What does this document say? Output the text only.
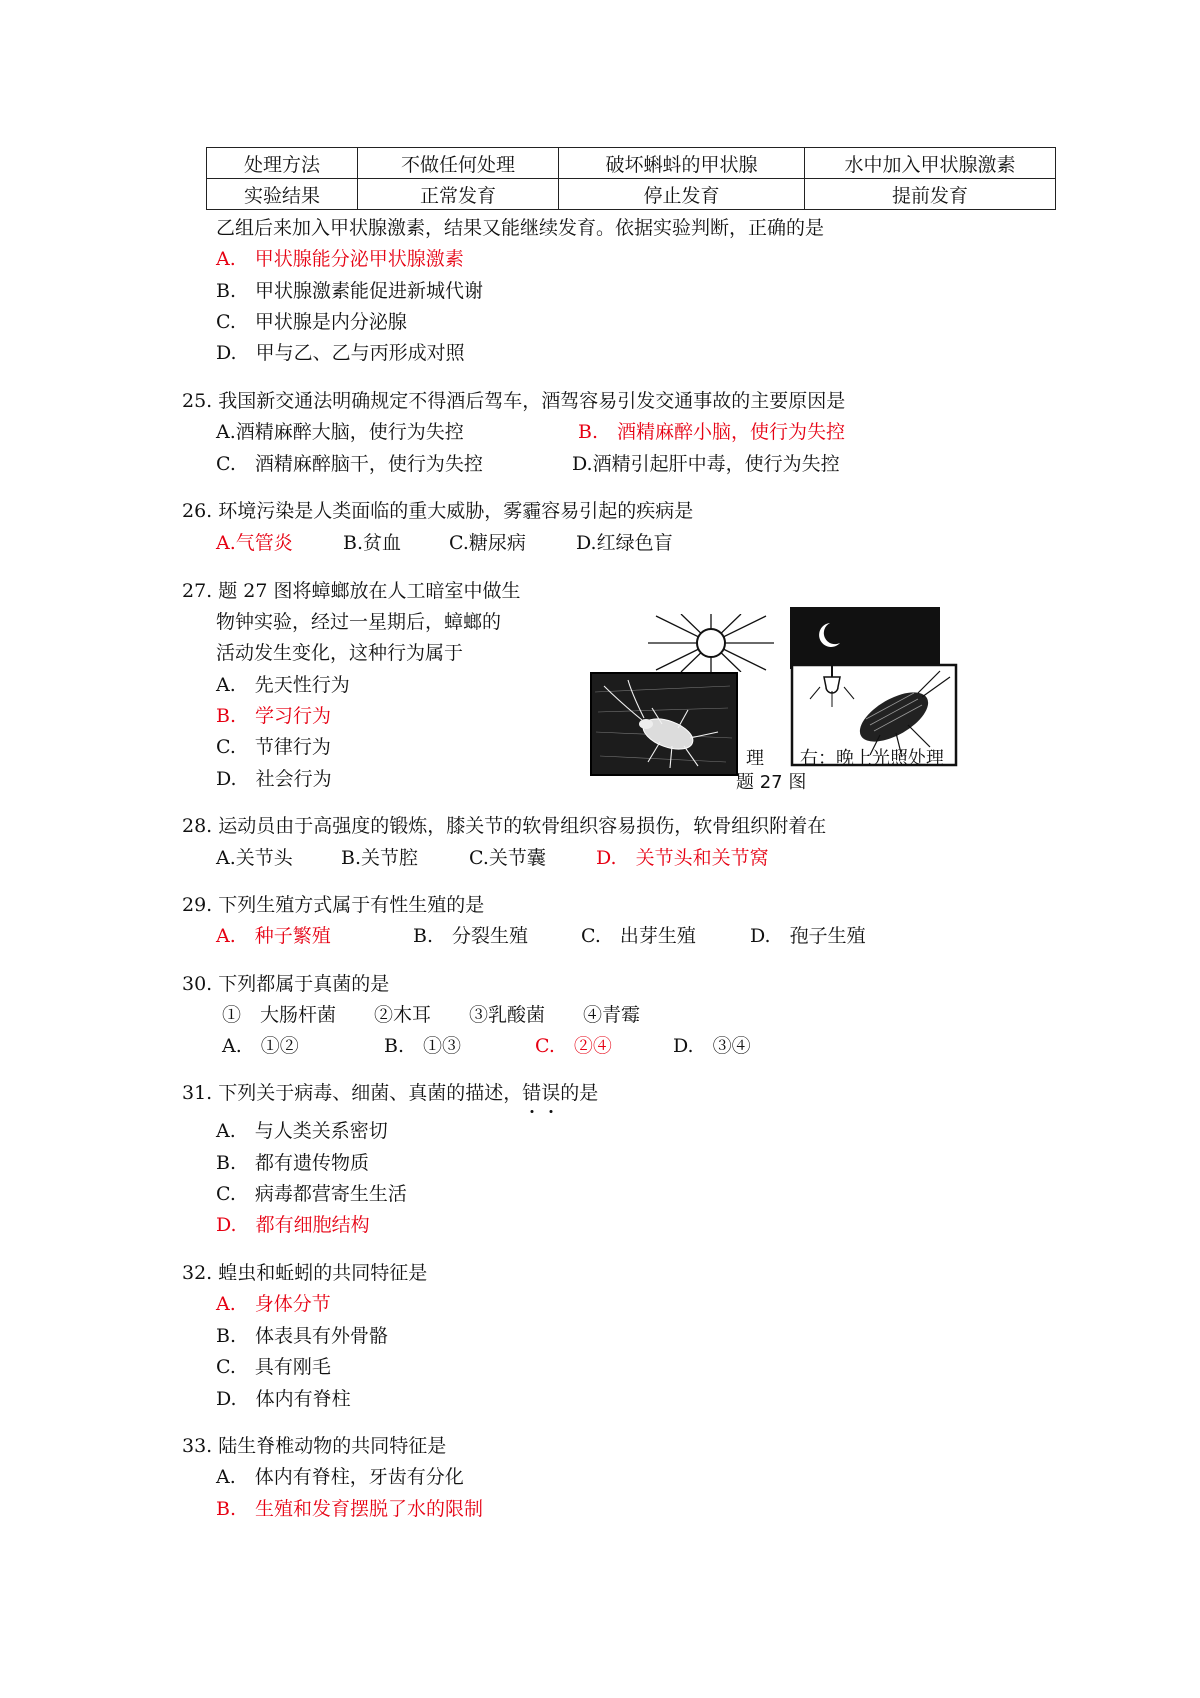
处理方法	不做任何处理	破坏蝌蚪的甲状腺	水中加入甲状腺激素
实验结果	正常发育	停止发育	提前发育
乙组后来加入甲状腺激素，结果又能继续发育。依据实验判断，正确的是
A.　甲状腺能分泌甲状腺激素
B.　甲状腺激素能促进新城代谢
C.　甲状腺是内分泌腺
D.　甲与乙、乙与丙形成对照
25. 我国新交通法明确规定不得酒后驾车，酒驾容易引发交通事故的主要原因是
A.酒精麻醉大脑，使行为失控	B.　酒精麻醉小脑，使行为失控
C.　酒精麻醉脑干，使行为失控	D.酒精引起肝中毒，使行为失控
26. 环境污染是人类面临的重大威胁，雾霾容易引起的疾病是
A.气管炎	B.贫血	C.糖尿病	D.红绿色盲
27. 题 27 图将蟑螂放在人工暗室中做生
物钟实验，经过一星期后，蟑螂的
活动发生变化，这种行为属于
A.　先天性行为
B.　学习行为
C.　节律行为
D.　社会行为
理 右：晚上光照处理
题 27 图
28. 运动员由于高强度的锻炼，膝关节的软骨组织容易损伤，软骨组织附着在
A.关节头	B.关节腔	C.关节囊	D.　关节头和关节窝
29. 下列生殖方式属于有性生殖的是
A.　种子繁殖	B.　分裂生殖	C.　出芽生殖	D.　孢子生殖
30. 下列都属于真菌的是
①　大肠杆菌　　②木耳　　③乳酸菌　　④青霉
A.　①②	B.　①③	C.　②④	D.　③④
31. 下列关于病毒、细菌、真菌的描述，错误的是
A.　与人类关系密切
B.　都有遗传物质
C.　病毒都营寄生生活
D.　都有细胞结构
32. 蝗虫和蚯蚓的共同特征是
A.　身体分节
B.　体表具有外骨骼
C.　具有刚毛
D.　体内有脊柱
33. 陆生脊椎动物的共同特征是
A.　体内有脊柱，牙齿有分化
B.　生殖和发育摆脱了水的限制
